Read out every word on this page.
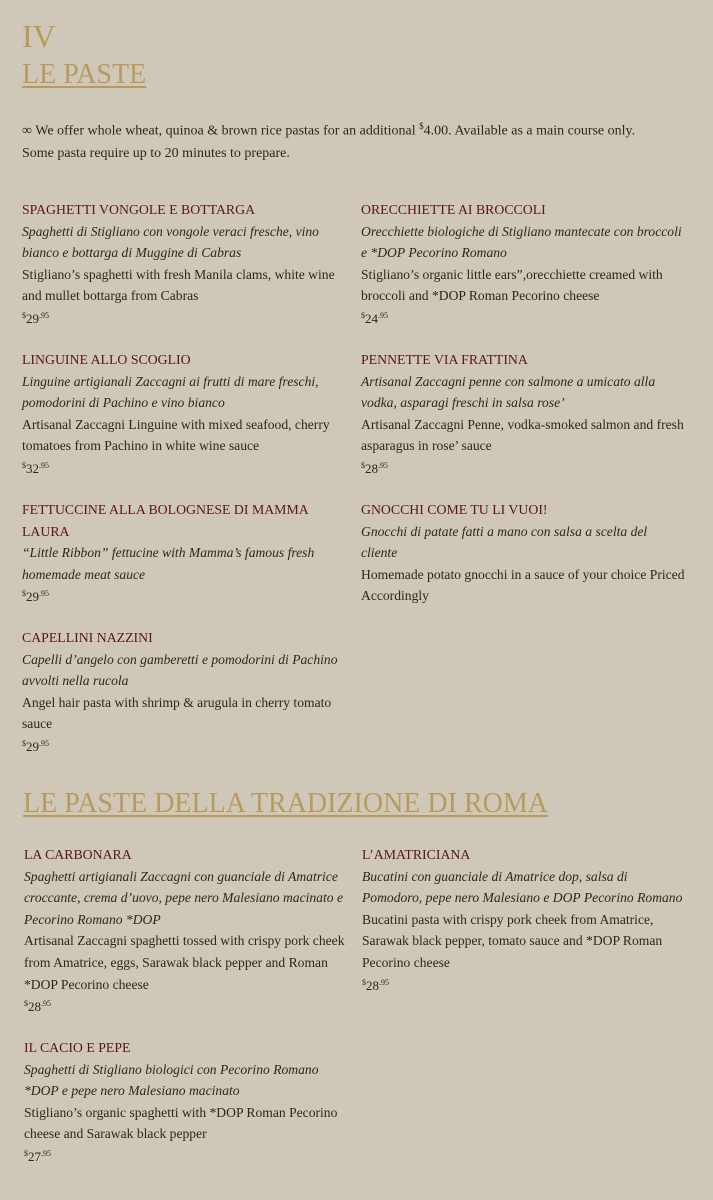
IV
LE PASTE
∞ We offer whole wheat, quinoa & brown rice pastas for an additional $4.00. Available as a main course only.
Some pasta require up to 20 minutes to prepare.
SPAGHETTI VONGOLE E BOTTARGA
Spaghetti di Stigliano con vongole veraci fresche, vino bianco e bottarga di Muggine di Cabras
Stigliano’s spaghetti with fresh Manila clams, white wine and mullet bottarga from Cabras
$^{\$}29^{.95}$
ORECCHIETTE AI BROCCOLI
Orecchiette biologiche di Stigliano mantecate con broccoli e *DOP Pecorino Romano
Stigliano’s organic little ears”,orecchiette creamed with broccoli and *DOP Roman Pecorino cheese
$^{\$}24^{.95}$
LINGUINE ALLO SCOGLIO
Linguine artigianali Zaccagni ai frutti di mare freschi, pomodorini di Pachino e vino bianco
Artisanal Zaccagni Linguine with mixed seafood, cherry tomatoes from Pachino in white wine sauce
$^{\$}32^{.95}$
PENNETTE VIA FRATTINA
Artisanal Zaccagni penne con salmone a umicato alla vodka, asparagi freschi in salsa rose’
Artisanal Zaccagni Penne, vodka-smoked salmon and fresh asparagus in rose’ sauce
$^{\$}28^{.95}$
FETTUCCINE ALLA BOLOGNESE DI MAMMA LAURA
“Little Ribbon” fettucine with Mamma’s famous fresh homemade meat sauce
$^{\$}29^{.95}$
GNOCCHI COME TU LI VUOI!
Gnocchi di patate fatti a mano con salsa a scelta del cliente
Homemade potato gnocchi in a sauce of your choice Priced Accordingly
CAPELLINI NAZZINI
Capelli d’angelo con gamberetti e pomodorini di Pachino avvolti nella rucola
Angel hair pasta with shrimp & arugula in cherry tomato sauce
$^{\$}29^{.95}$
LE PASTE DELLA TRADIZIONE DI ROMA
LA CARBONARA
Spaghetti artigianali Zaccagni con guanciale di Amatrice croccante, crema d’uovo, pepe nero Malesiano macinato e Pecorino Romano *DOP
Artisanal Zaccagni spaghetti tossed with crispy pork cheek from Amatrice, eggs, Sarawak black pepper and Roman *DOP Pecorino cheese
$^{\$}28^{.95}$
L’AMATRICIANA
Bucatini con guanciale di Amatrice dop, salsa di Pomodoro, pepe nero Malesiano e DOP Pecorino Romano
Bucatini pasta with crispy pork cheek from Amatrice, Sarawak black pepper, tomato sauce and *DOP Roman Pecorino cheese
$^{\$}28^{.95}$
IL CACIO E PEPE
Spaghetti di Stigliano biologici con Pecorino Romano *DOP e pepe nero Malesiano macinato
Stigliano’s organic spaghetti with *DOP Roman Pecorino cheese and Sarawak black pepper
$^{\$}27^{.95}$
